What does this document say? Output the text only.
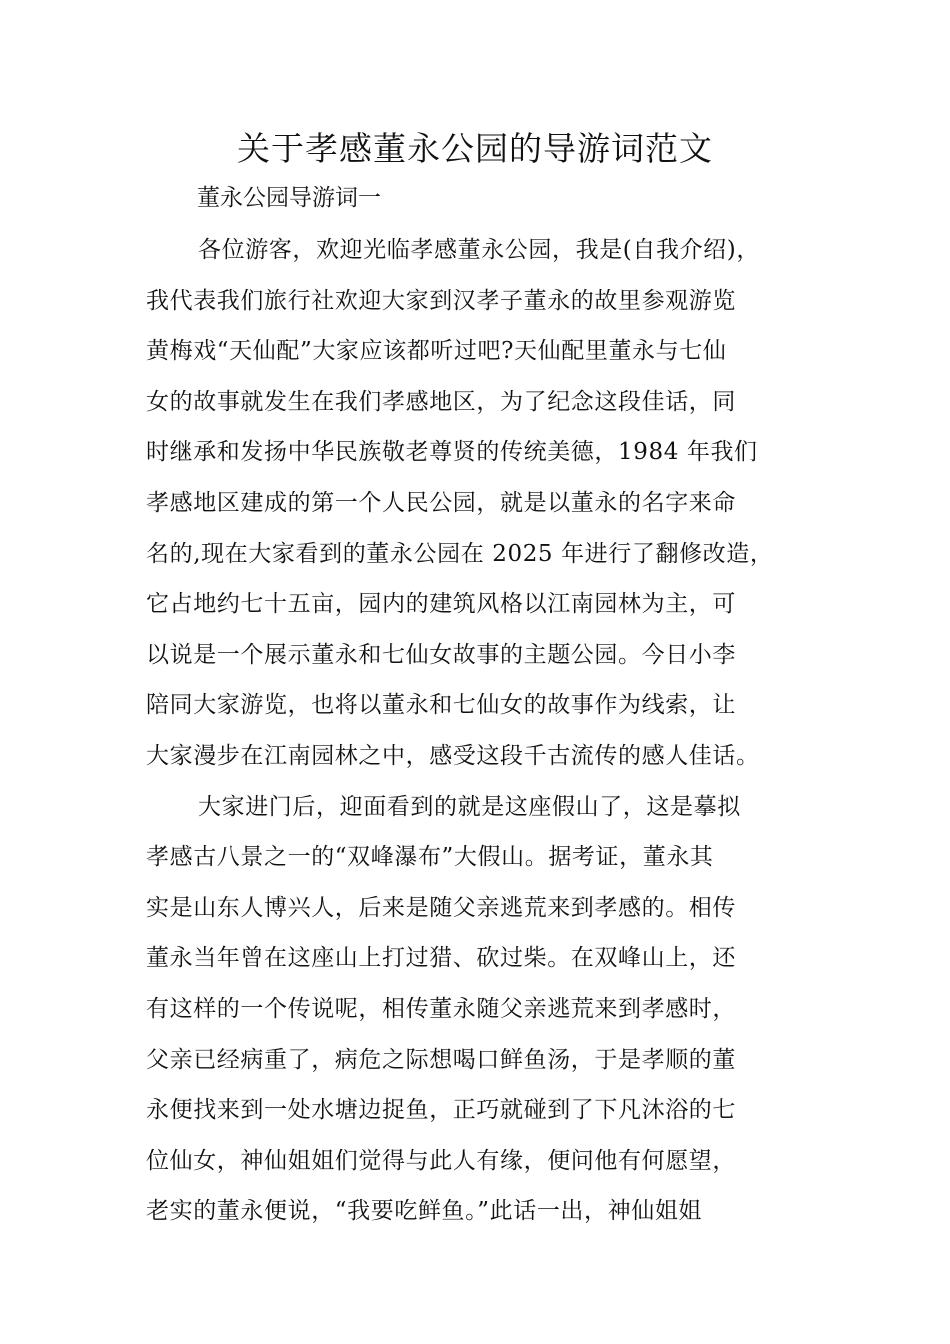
关于孝感董永公园的导游词范文
董永公园导游词一
各位游客，欢迎光临孝感董永公园，我是(自我介绍)，
我代表我们旅行社欢迎大家到汉孝子董永的故里参观游览
黄梅戏“天仙配”大家应该都听过吧?天仙配里董永与七仙
女的故事就发生在我们孝感地区，为了纪念这段佳话，同
时继承和发扬中华民族敬老尊贤的传统美德，1984 年我们
孝感地区建成的第一个人民公园，就是以董永的名字来命
名的,现在大家看到的董永公园在 2025 年进行了翻修改造，
它占地约七十五亩，园内的建筑风格以江南园林为主，可
以说是一个展示董永和七仙女故事的主题公园。今日小李
陪同大家游览，也将以董永和七仙女的故事作为线索，让
大家漫步在江南园林之中，感受这段千古流传的感人佳话。
大家进门后，迎面看到的就是这座假山了，这是摹拟
孝感古八景之一的“双峰瀑布”大假山。据考证，董永其
实是山东人博兴人，后来是随父亲逃荒来到孝感的。相传
董永当年曾在这座山上打过猎、砍过柴。在双峰山上，还
有这样的一个传说呢，相传董永随父亲逃荒来到孝感时，
父亲已经病重了，病危之际想喝口鲜鱼汤，于是孝顺的董
永便找来到一处水塘边捉鱼，正巧就碰到了下凡沐浴的七
位仙女，神仙姐姐们觉得与此人有缘，便问他有何愿望，
老实的董永便说，“我要吃鲜鱼。”此话一出，神仙姐姐
